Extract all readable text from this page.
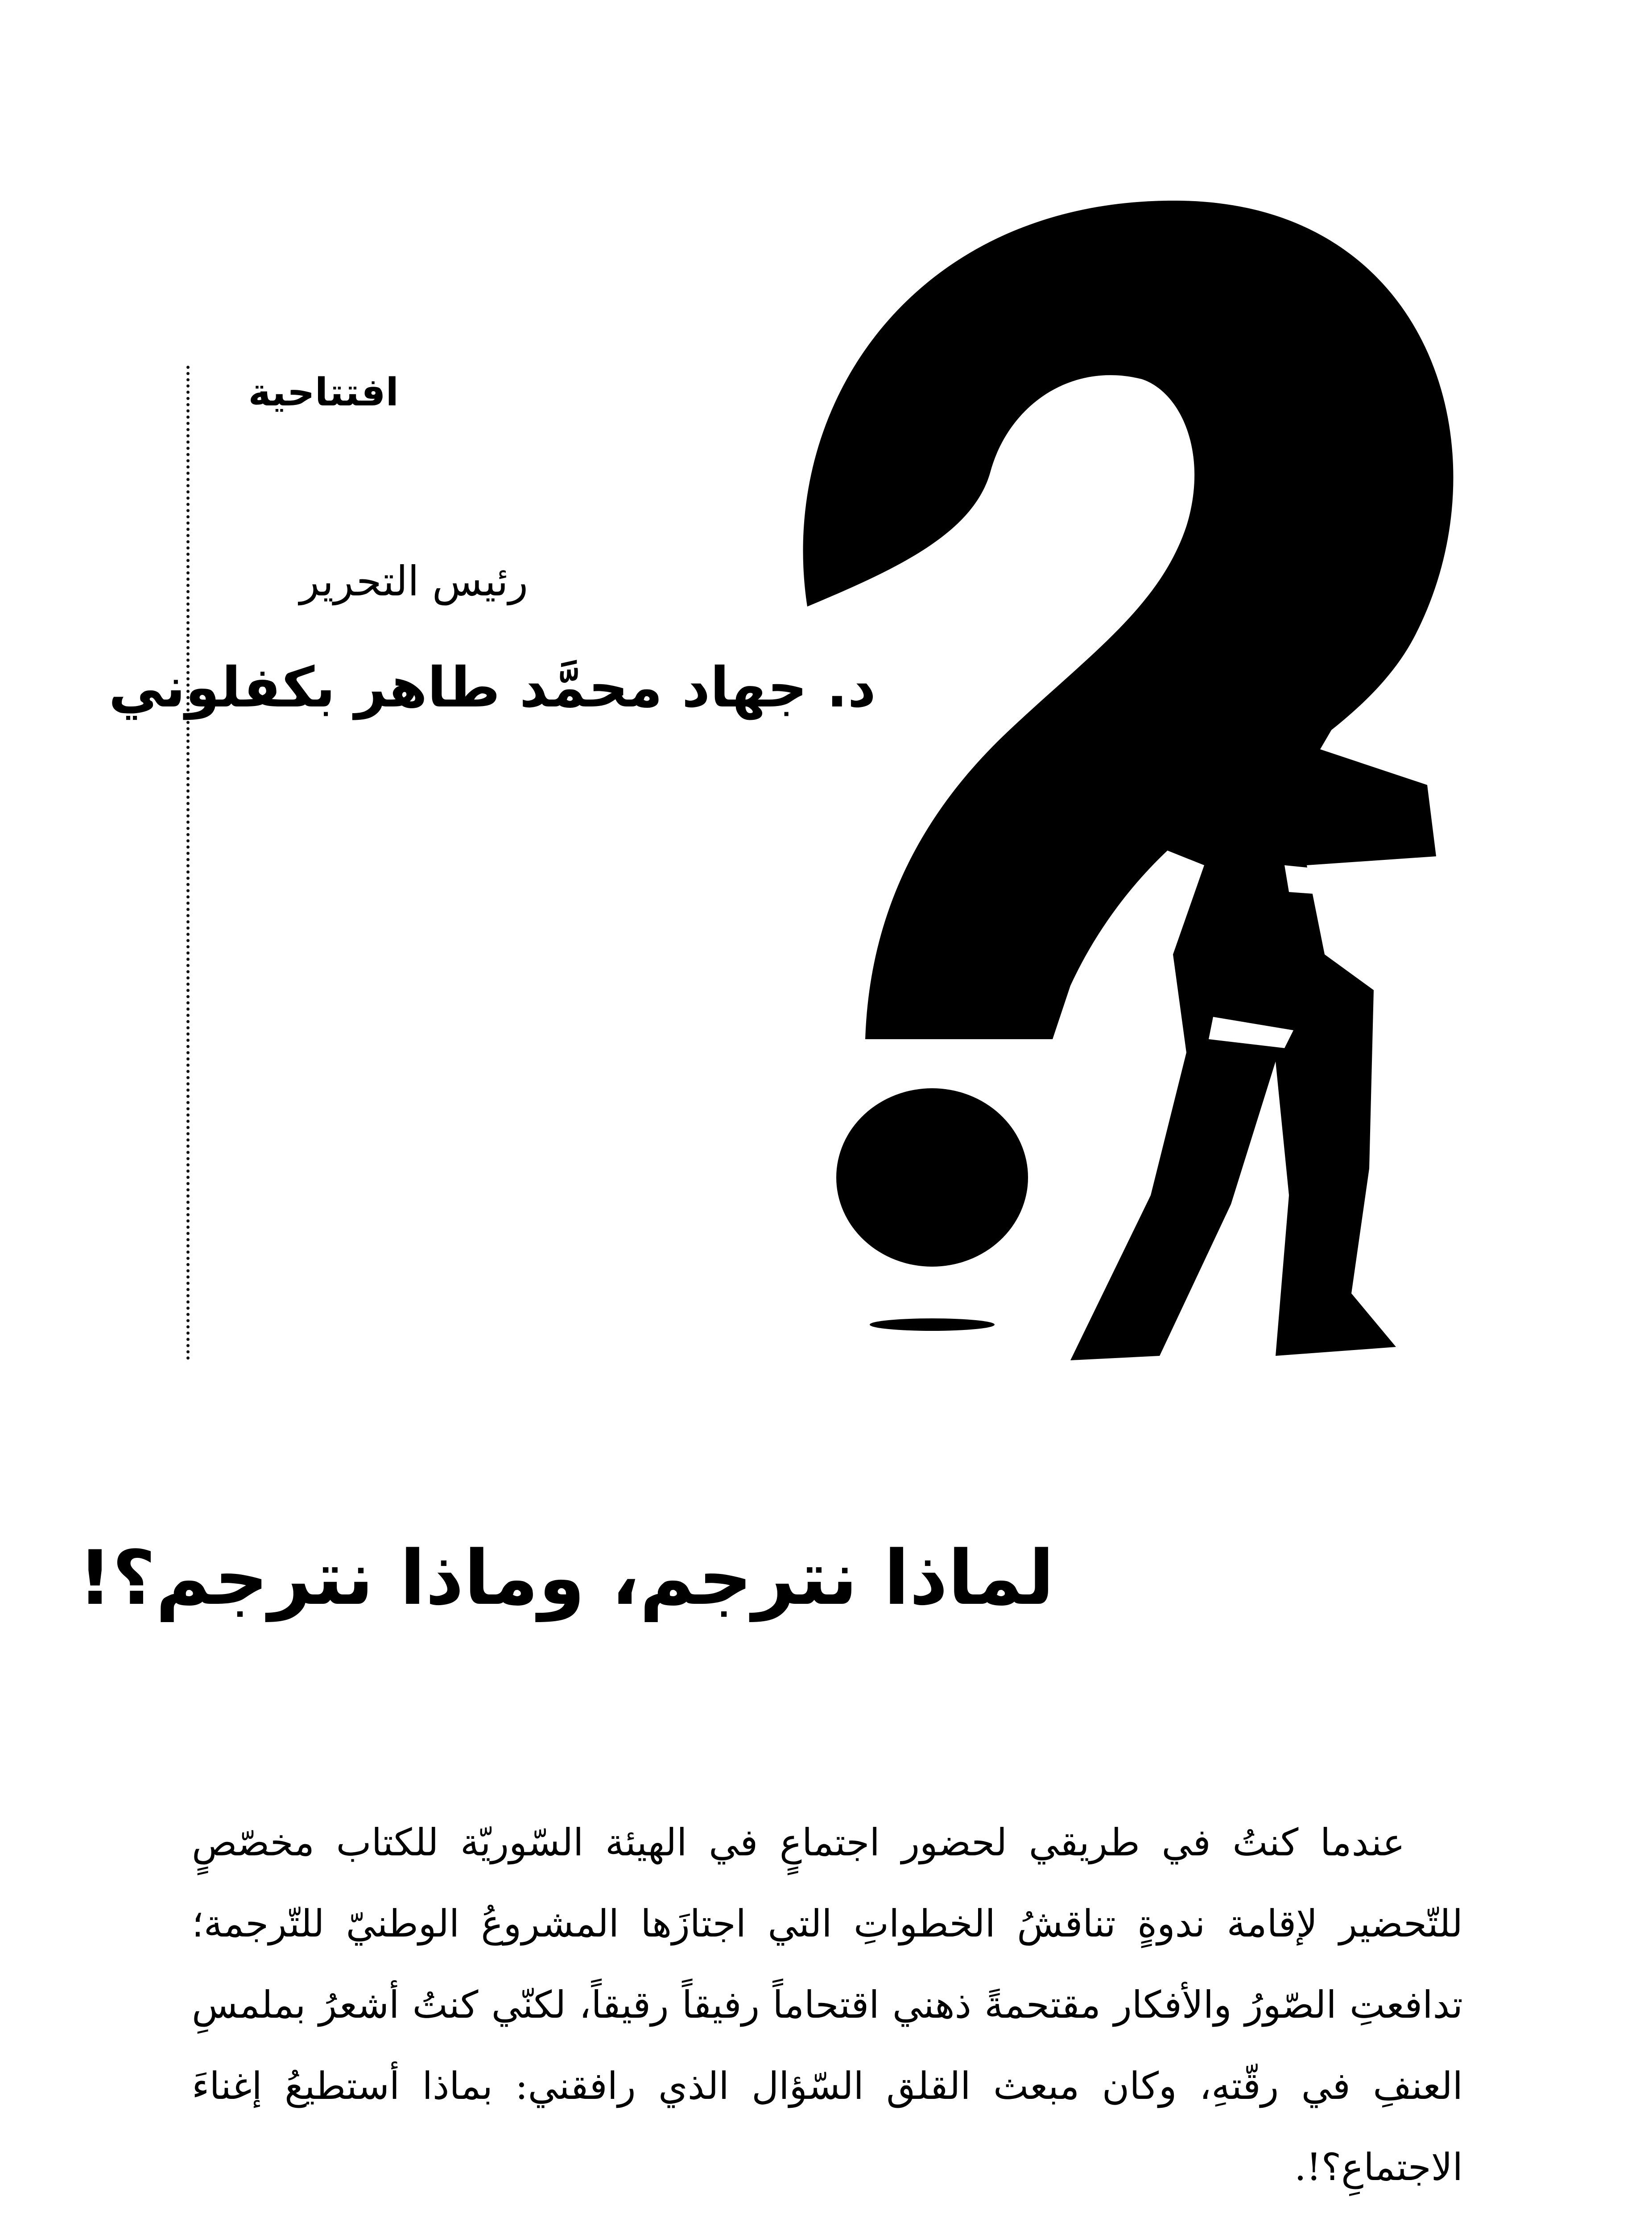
افتتاحية
رئيس التحرير
د. جهاد محمَّد طاهر بكفلوني
لماذا نترجم، وماذا نترجم؟!
عندما كنتُ في طريقي لحضور اجتماعٍ في الهيئة السّوريّة للكتاب مخصّصٍ للتّحضير لإقامة ندوةٍ تناقشُ الخطواتِ التي اجتازَها المشروعُ الوطنيّ للتّرجمة؛ تدافعتِ الصّورُ والأفكار مقتحمةً ذهني اقتحاماً رفيقاً رقيقاً، لكنّي كنتُ أشعرُ بملمسِ العنفِ في رقّتهِ، وكان مبعث القلق السّؤال الذي رافقني: بماذا أستطيعُ إغناءَ الاجتماعِ؟!.
